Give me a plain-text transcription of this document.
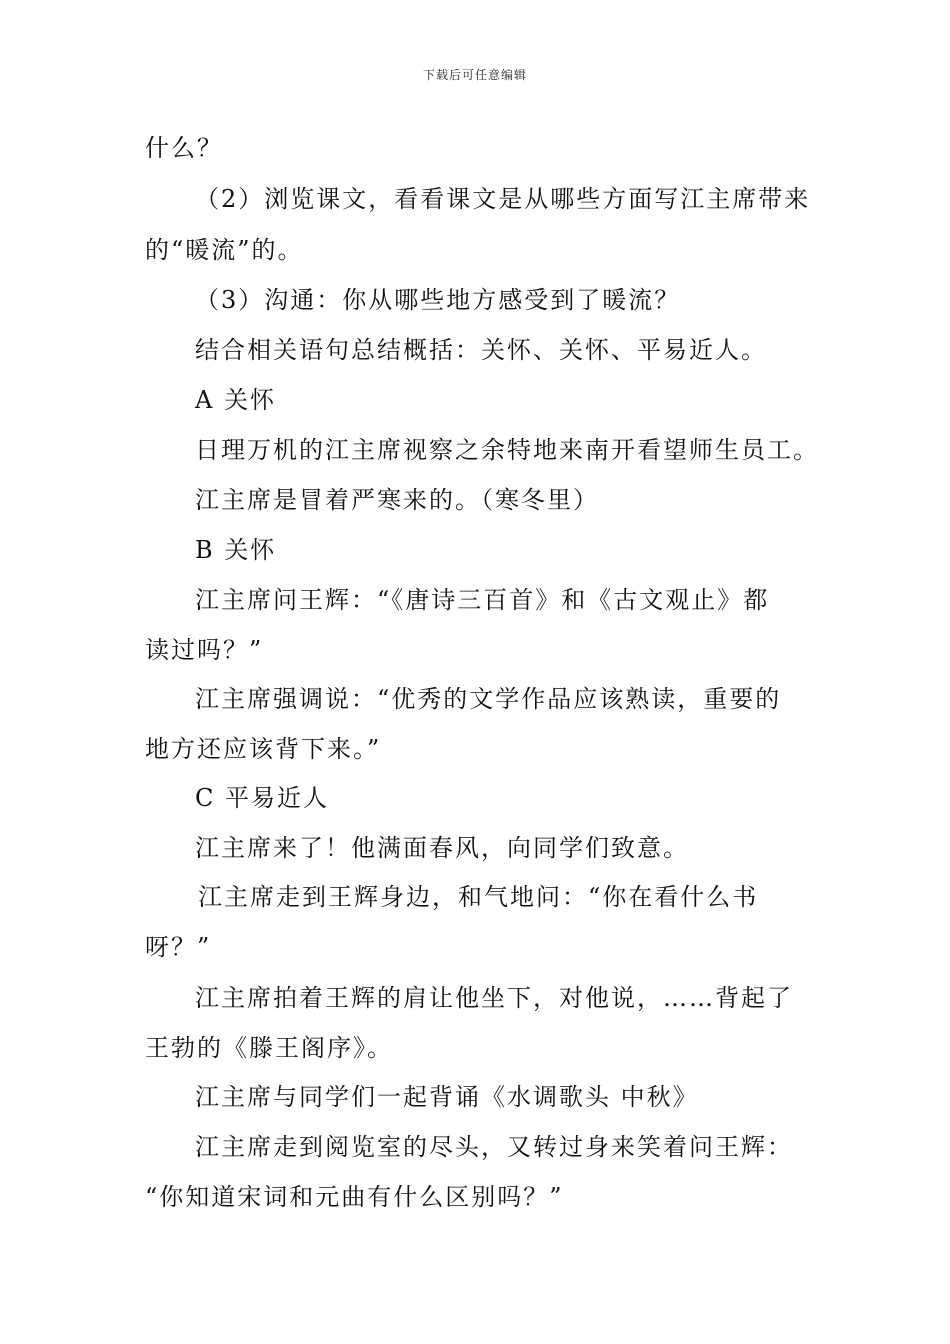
下载后可任意编辑
什么？
（2）浏览课文，看看课文是从哪些方面写江主席带来
的“暖流”的。
（3）沟通：你从哪些地方感受到了暖流？
结合相关语句总结概括：关怀、关怀、平易近人。
A 关怀
日理万机的江主席视察之余特地来南开看望师生员工。
江主席是冒着严寒来的。（寒冬里）
B 关怀
江主席问王辉：“《唐诗三百首》和《古文观止》都
读过吗？”
江主席强调说：“优秀的文学作品应该熟读，重要的
地方还应该背下来。”
C 平易近人
江主席来了！他满面春风，向同学们致意。
江主席走到王辉身边，和气地问：“你在看什么书
呀？”
江主席拍着王辉的肩让他坐下，对他说，……背起了
王勃的《滕王阁序》。
江主席与同学们一起背诵《水调歌头 中秋》
江主席走到阅览室的尽头，又转过身来笑着问王辉：
“你知道宋词和元曲有什么区别吗？”
